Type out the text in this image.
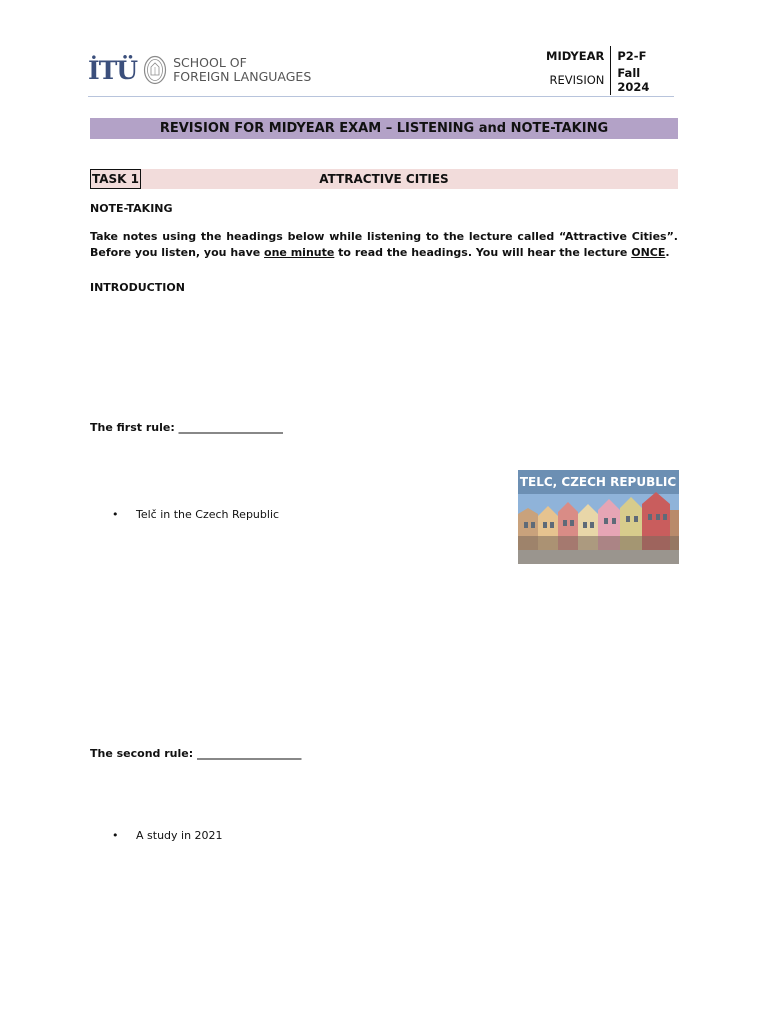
İTÜ	SCHOOL OF
FOREIGN LANGUAGES
MIDYEAR	P2-F
REVISION	Fall 2024
REVISION FOR MIDYEAR EXAM – LISTENING and NOTE-TAKING
ATTRACTIVE CITIES
TASK 1
NOTE-TAKING
Take notes using the headings below while listening to the lecture called “Attractive Cities”. Before you listen, you have one minute to read the headings. You will hear the lecture ONCE.
INTRODUCTION
The first rule: ___________________
• Telč in the Czech Republic
TELC, CZECH REPUBLIC
The second rule: ___________________
• A study in 2021
